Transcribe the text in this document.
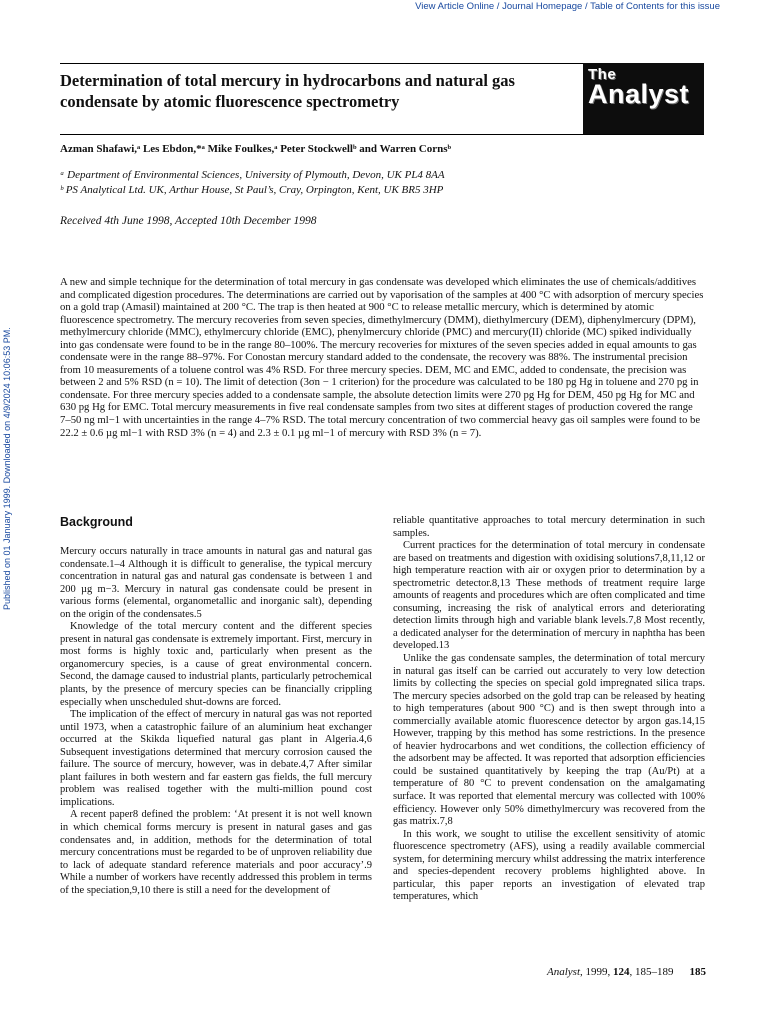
View Article Online / Journal Homepage / Table of Contents for this issue
Published on 01 January 1999. Downloaded on 4/9/2024 10:06:53 PM.
The
Analyst
Determination of total mercury in hydrocarbons and natural gas condensate by atomic fluorescence spectrometry
Azman Shafawi,ᵃ Les Ebdon,*ᵃ Mike Foulkes,ᵃ Peter Stockwellᵇ and Warren Cornsᵇ
ᵃ Department of Environmental Sciences, University of Plymouth, Devon, UK PL4 8AA
ᵇ PS Analytical Ltd. UK, Arthur House, St Paul’s, Cray, Orpington, Kent, UK BR5 3HP
Received 4th June 1998, Accepted 10th December 1998

A new and simple technique for the determination of total mercury in gas condensate was developed which eliminates the use of chemicals/additives and complicated digestion procedures. The determinations are carried out by vaporisation of the samples at 400 °C with adsorption of mercury species on a gold trap (Amasil) maintained at 200 °C. The trap is then heated at 900 °C to release metallic mercury, which is determined by atomic fluorescence spectrometry. The mercury recoveries from seven species, dimethylmercury (DMM), diethylmercury (DEM), diphenylmercury (DPM), methylmercury chloride (MMC), ethylmercury chloride (EMC), phenylmercury chloride (PMC) and mercury(II) chloride (MC) spiked individually into gas condensate were found to be in the range 80–100%. The mercury recoveries for mixtures of the seven species added in equal amounts to gas condensate were in the range 88–97%. For Conostan mercury standard added to the condensate, the recovery was 88%. The instrumental precision from 10 measurements of a toluene control was 4% RSD. For three mercury species. DEM, MC and EMC, added to condensate, the precision was between 2 and 5% RSD (n = 10). The limit of detection (3σn − 1 criterion) for the procedure was calculated to be 180 pg Hg in toluene and 270 pg in condensate. For three mercury species added to a condensate sample, the absolute detection limits were 270 pg Hg for DEM, 450 pg Hg for MC and 630 pg Hg for EMC. Total mercury measurements in five real condensate samples from two sites at different stages of production covered the range 7–50 ng ml−1 with uncertainties in the range 4–7% RSD. The total mercury concentration of two commercial heavy gas oil samples were found to be 22.2 ± 0.6 µg ml−1 with RSD 3% (n = 4) and 2.3 ± 0.1 µg ml−1 of mercury with RSD 3% (n = 7).

Background

Mercury occurs naturally in trace amounts in natural gas and natural gas condensate.1–4 Although it is difficult to generalise, the typical mercury concentration in natural gas and natural gas condensate is between 1 and 200 µg m−3. Mercury in natural gas condensate could be present in various forms (elemental, organometallic and inorganic salt), depending on the origin of the condensates.5

Knowledge of the total mercury content and the different species present in natural gas condensate is extremely important. First, mercury in most forms is highly toxic and, particularly when present as the organomercury species, is a cause of great environmental concern. Second, the damage caused to industrial plants, particularly petrochemical plants, by the presence of mercury species can be financially crippling especially when unscheduled shut-downs are forced.

The implication of the effect of mercury in natural gas was not reported until 1973, when a catastrophic failure of an aluminium heat exchanger occurred at the Skikda liquefied natural gas plant in Algeria.4,6 Subsequent investigations determined that mercury corrosion caused the failure. The source of mercury, however, was in debate.4,7 After similar plant failures in both western and far eastern gas fields, the full mercury problem was realised together with the multi-million pound cost implications.

A recent paper8 defined the problem: ‘At present it is not well known in which chemical forms mercury is present in natural gases and gas condensates and, in addition, methods for the determination of total mercury concentrations must be regarded to be of unproven reliability due to lack of adequate standard reference materials and poor accuracy’.9 While a number of workers have recently addressed this problem in terms of the speciation,9,10 there is still a need for the development of

reliable quantitative approaches to total mercury determination in such samples.

Current practices for the determination of total mercury in condensate are based on treatments and digestion with oxidising solutions7,8,11,12 or high temperature reaction with air or oxygen prior to determination by a spectrometric detector.8,13 These methods of treatment require large amounts of reagents and procedures which are often complicated and time consuming, increasing the risk of analytical errors and deteriorating detection limits through high and variable blank levels.7,8 Most recently, a dedicated analyser for the determination of mercury in naphtha has been developed.13

Unlike the gas condensate samples, the determination of total mercury in natural gas itself can be carried out accurately to very low detection limits by collecting the species on special gold impregnated silica traps. The mercury species adsorbed on the gold trap can be released by heating to high temperatures (about 900 °C) and is then swept through into a commercially available atomic fluorescence detector by argon gas.14,15 However, trapping by this method has some restrictions. In the presence of heavier hydrocarbons and wet conditions, the collection efficiency of the adsorbent may be affected. It was reported that adsorption efficiencies could be sustained quantitatively by keeping the trap (Au/Pt) at a temperature of 80 °C to prevent condensation on the amalgamating surface. It was reported that elemental mercury was collected with 100% efficiency. However only 50% dimethylmercury was recovered from the gas matrix.7,8

In this work, we sought to utilise the excellent sensitivity of atomic fluorescence spectrometry (AFS), using a readily available commercial system, for determining mercury whilst addressing the matrix interference and species-dependent recovery problems highlighted above. In particular, this paper reports an investigation of elevated trap temperatures, which

Analyst, 1999, 124, 185–189 185
